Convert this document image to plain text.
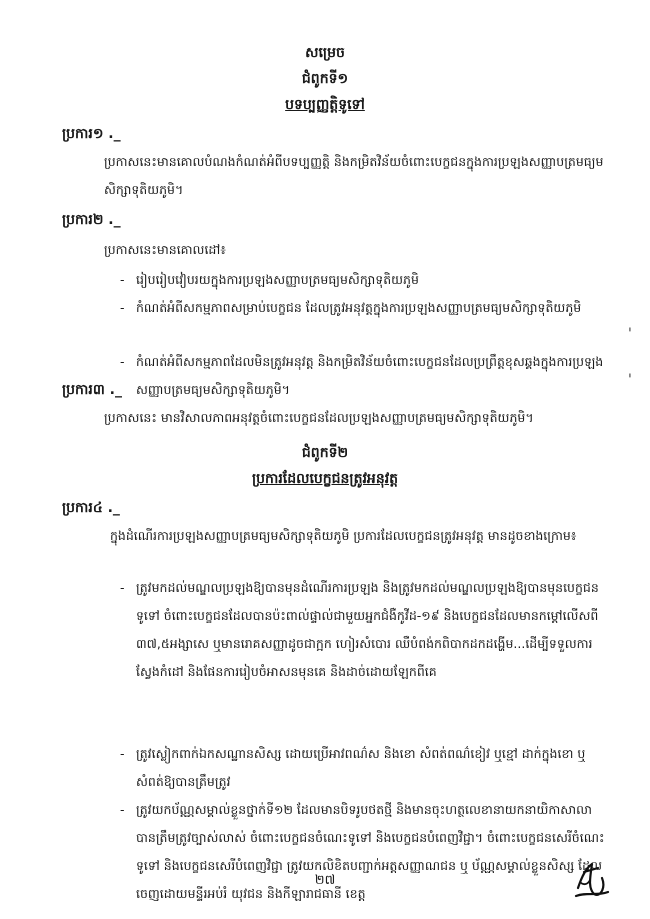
សម្រេច
ជំពូកទី១
បទប្បញ្ញត្តិទូទៅ
ប្រការ១ ._

ប្រកាសនេះមានគោលបំណងកំណត់អំពីបទប្បញ្ញត្តិ និងកម្រិតវិន័យចំពោះបេក្ខជនក្នុងការប្រឡងសញ្ញាបត្រមធ្យមសិក្សាទុតិយភូមិ។

ប្រការ២ ._

ប្រកាសនេះមានគោលដៅ៖

- រៀបរៀបវៀបរយក្នុងការប្រឡងសញ្ញាបត្រមធ្យមសិក្សាទុតិយភូមិ

- កំណត់អំពីសកម្មភាពសម្រាប់បេក្ខជន ដែលត្រូវអនុវត្តក្នុងការប្រឡងសញ្ញាបត្រមធ្យមសិក្សាទុតិយភូមិ

- កំណត់អំពីសកម្មភាពដែលមិនត្រូវអនុវត្ត និងកម្រិតវិន័យចំពោះបេក្ខជនដែលប្រព្រឹត្តខុសឆ្គងក្នុងការប្រឡងសញ្ញាបត្រមធ្យមសិក្សាទុតិយភូមិ។

ប្រការ៣ ._

ប្រកាសនេះ មានវិសាលភាពអនុវត្តចំពោះបេក្ខជនដែលប្រឡងសញ្ញាបត្រមធ្យមសិក្សាទុតិយភូមិ។

ជំពូកទី២
ប្រការដែលបេក្ខជនត្រូវអនុវត្ត
ប្រការ៤ ._

ក្នុងដំណើរការប្រឡងសញ្ញាបត្រមធ្យមសិក្សាទុតិយភូមិ ប្រការដែលបេក្ខជនត្រូវអនុវត្ត មានដូចខាងក្រោម៖

- ត្រូវមកដល់មណ្ឌលប្រឡងឱ្យបានមុនដំណើរការប្រឡង និងត្រូវមកដល់មណ្ឌលប្រឡងឱ្យបានមុនបេក្ខជនទូទៅ ចំពោះបេក្ខជនដែលបានប៉ះពាល់ផ្ទាល់ជាមួយអ្នកជំងឺកូវីដ-១៩ និងបេក្ខជនដែលមានកម្តៅលើសពី ៣៧,៥អង្សាសេ ឬមានរោគសញ្ញាដូចជាក្អក ហៀរសំបោរ ឈឺបំពង់កពិបាកដកដង្ហើម...ដើម្បីទទួលការស្វែងកំដៅ និងផែនការរៀបចំអាសនមុនគេ និងដាច់ដោយឡែកពីគេ

- ត្រូវស្លៀកពាក់ឯកសណ្ឋានសិស្ស ដោយប្រើអាវពណ៌ស និងខោ សំពត់ពណ៌ខៀវ ឬខ្មៅ ដាក់ក្នុងខោ ឬសំពត់ឱ្យបានត្រឹមត្រូវ

- ត្រូវយកប័ណ្ណសម្គាល់ខ្លួនថ្នាក់ទី១២ ដែលមានបិទរូបថតថ្មី និងមានចុះហត្ថលេខានាយកនាយិកាសាលាបានត្រឹមត្រូវច្បាស់លាស់ ចំពោះបេក្ខជនចំណេះទូទៅ និងបេក្ខជនបំពេញវិជ្ជា។ ចំពោះបេក្ខជនសេរីចំណេះទូទៅ និងបេក្ខជនសេរីបំពេញវិជ្ជា ត្រូវយកលិខិតបញ្ជាក់អត្តសញ្ញាណជន ឬ ប័ណ្ណសម្គាល់ខ្លួនសិស្ស ដែលចេញដោយមន្ទីរអប់រំ យុវជន និងកីឡារាជធានី ខេត្ត

'
'
២៧
